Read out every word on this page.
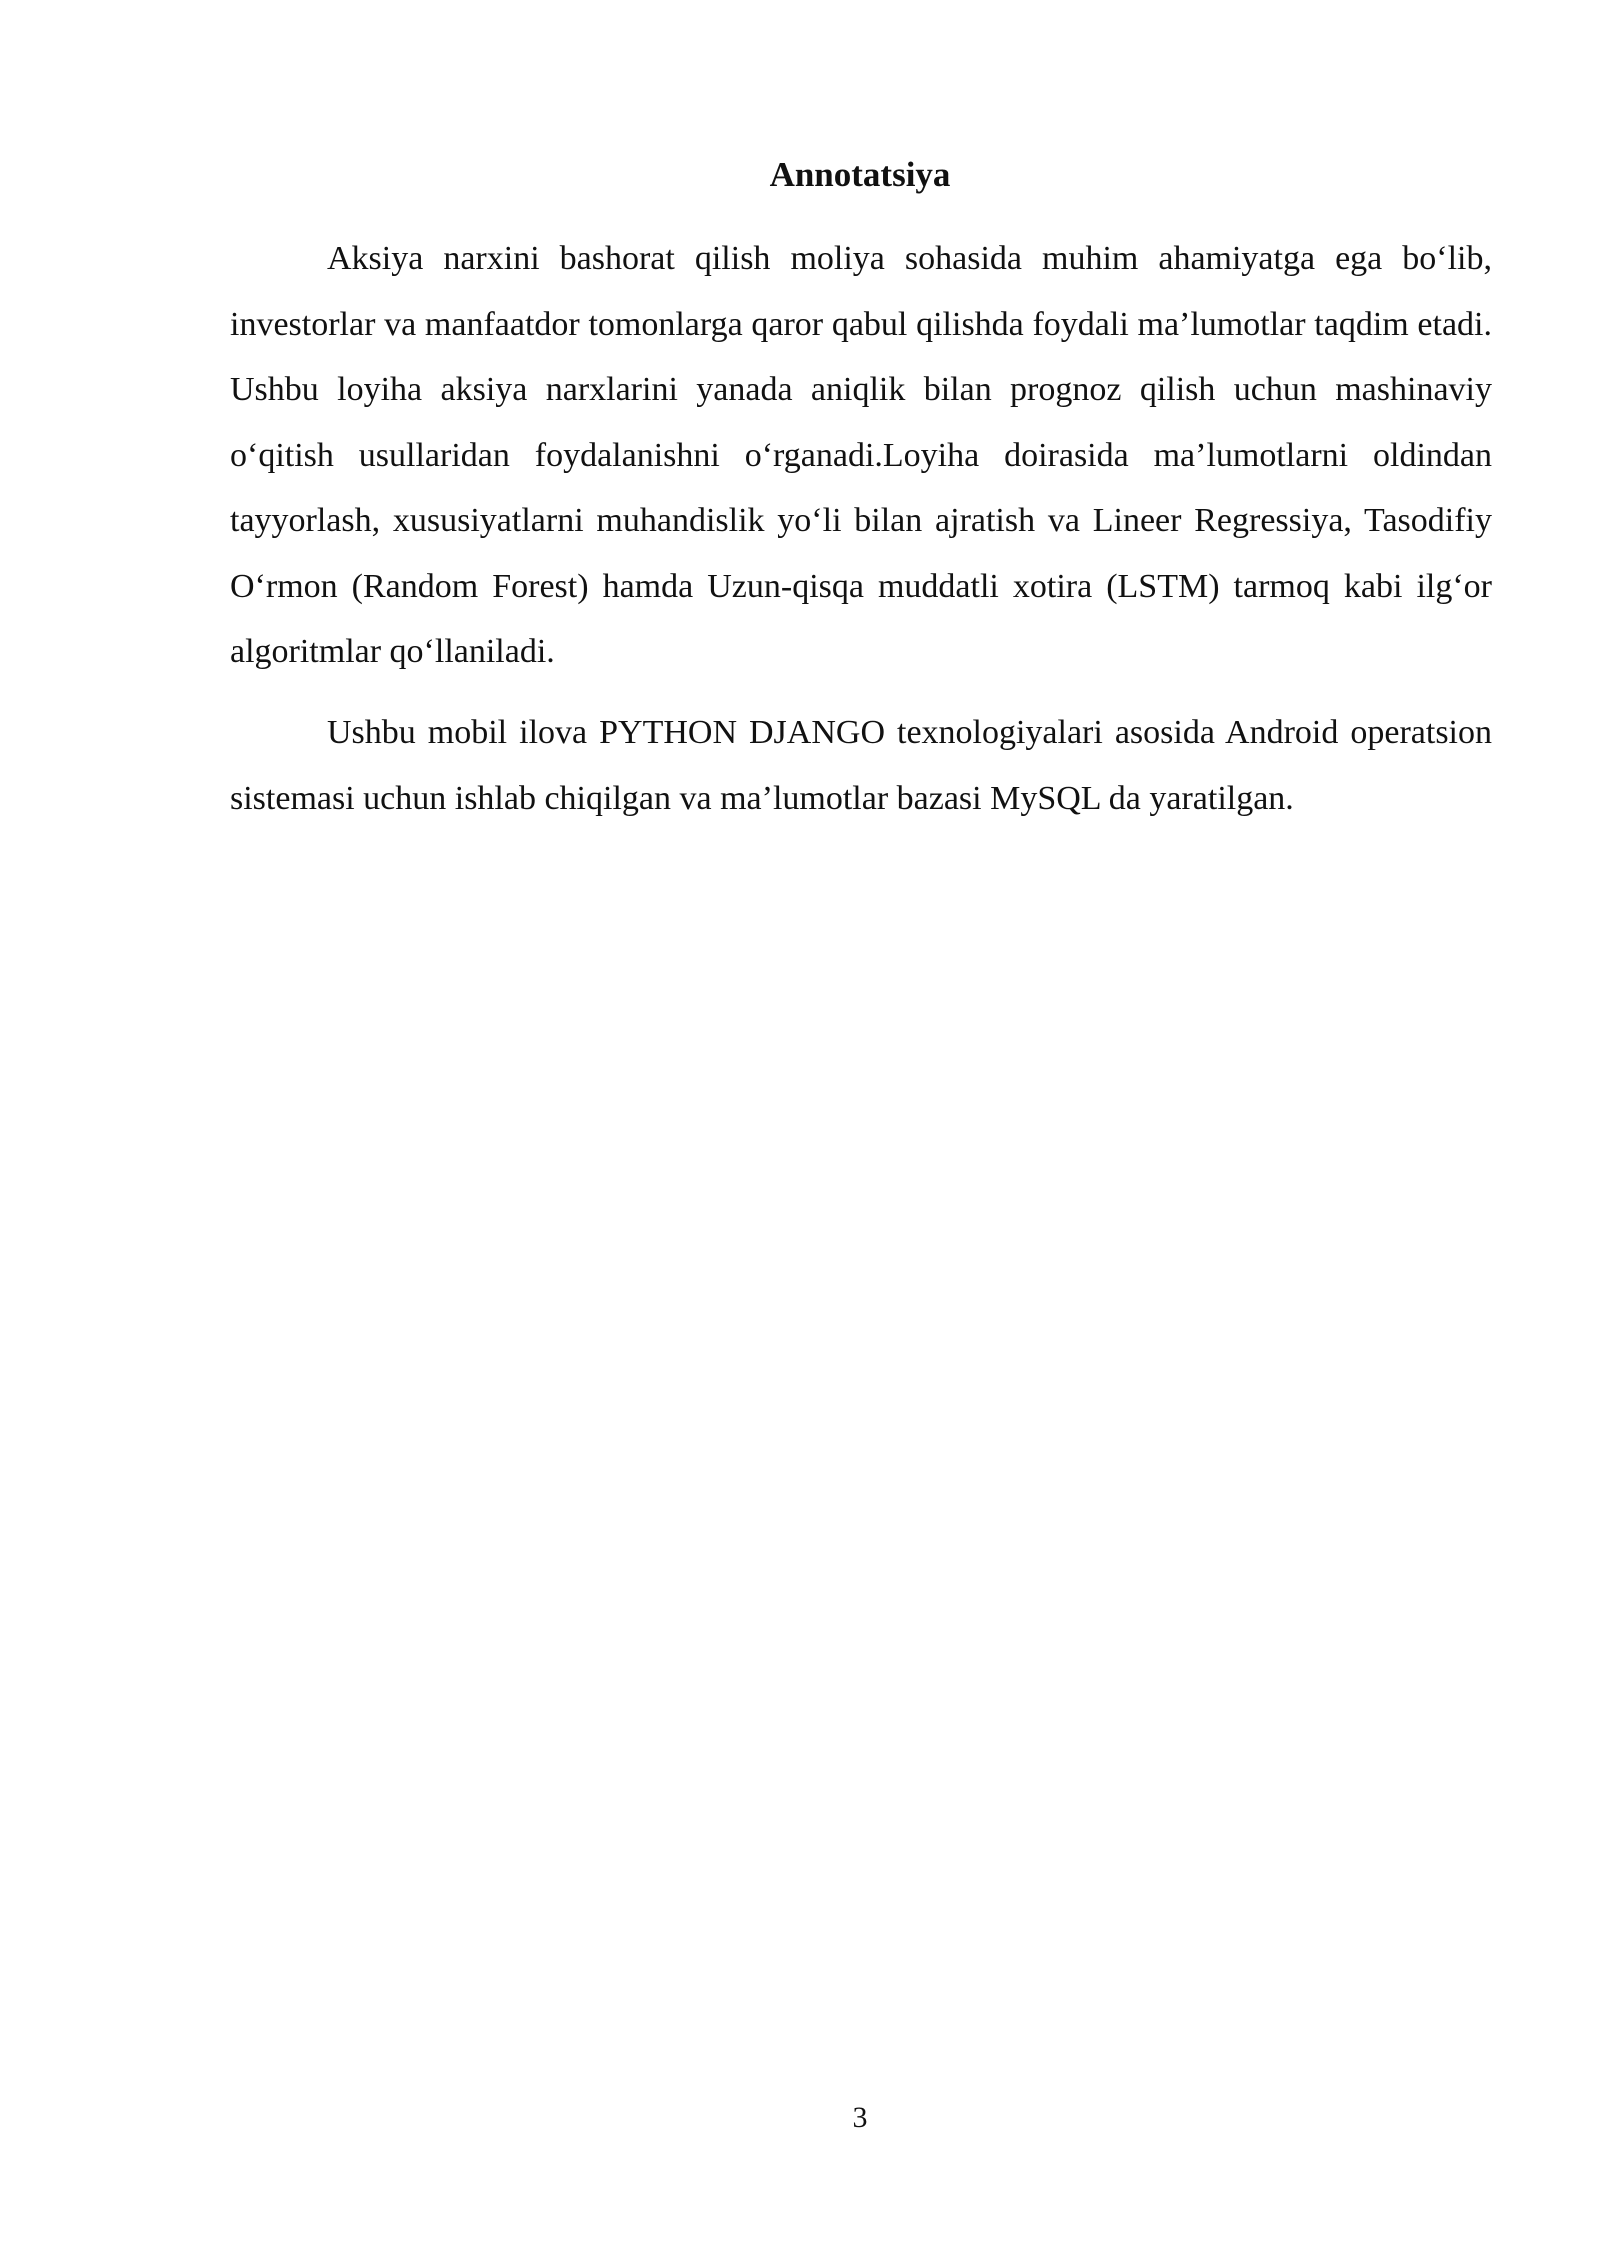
Annotatsiya

Aksiya narxini bashorat qilish moliya sohasida muhim ahamiyatga ega bo‘lib, investorlar va manfaatdor tomonlarga qaror qabul qilishda foydali ma’lumotlar taqdim etadi. Ushbu loyiha aksiya narxlarini yanada aniqlik bilan prognoz qilish uchun mashinaviy o‘qitish usullaridan foydalanishni o‘rganadi.Loyiha doirasida ma’lumotlarni oldindan tayyorlash, xususiyatlarni muhandislik yo‘li bilan ajratish va Lineer Regressiya, Tasodifiy O‘rmon (Random Forest) hamda Uzun-qisqa muddatli xotira (LSTM) tarmoq kabi ilg‘or algoritmlar qo‘llaniladi.

Ushbu mobil ilova PYTHON DJANGO texnologiyalari asosida Android operatsion sistemasi uchun ishlab chiqilgan va ma’lumotlar bazasi MySQL da yaratilgan.

3
